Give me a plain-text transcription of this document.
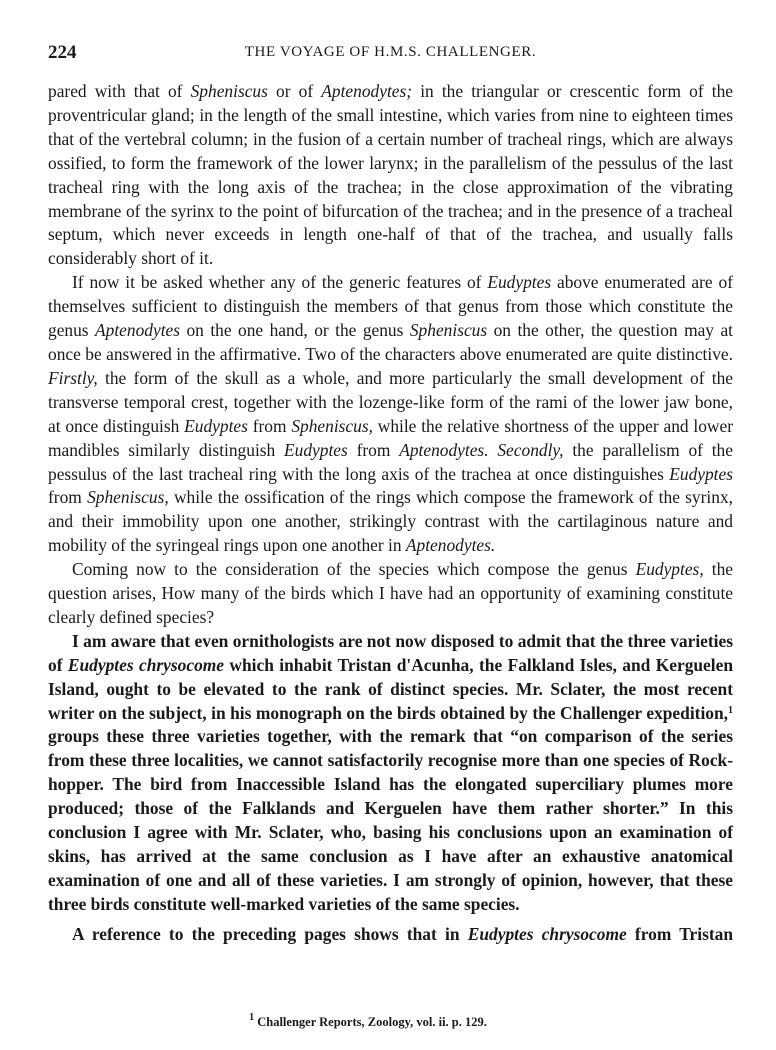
224	THE VOYAGE OF H.M.S. CHALLENGER.

pared with that of Spheniscus or of Aptenodytes; in the triangular or crescentic form of the proventricular gland; in the length of the small intestine, which varies from nine to eighteen times that of the vertebral column; in the fusion of a certain number of tracheal rings, which are always ossified, to form the framework of the lower larynx; in the parallelism of the pessulus of the last tracheal ring with the long axis of the trachea; in the close approximation of the vibrating membrane of the syrinx to the point of bifurcation of the trachea; and in the presence of a tracheal septum, which never exceeds in length one-half of that of the trachea, and usually falls considerably short of it.

If now it be asked whether any of the generic features of Eudyptes above enumerated are of themselves sufficient to distinguish the members of that genus from those which constitute the genus Aptenodytes on the one hand, or the genus Spheniscus on the other, the question may at once be answered in the affirmative. Two of the characters above enumerated are quite distinctive. Firstly, the form of the skull as a whole, and more particularly the small development of the transverse temporal crest, together with the lozenge-like form of the rami of the lower jaw bone, at once distinguish Eudyptes from Spheniscus, while the relative shortness of the upper and lower mandibles similarly distinguish Eudyptes from Aptenodytes. Secondly, the parallelism of the pessulus of the last tracheal ring with the long axis of the trachea at once distinguishes Eudyptes from Spheniscus, while the ossification of the rings which compose the framework of the syrinx, and their immobility upon one another, strikingly contrast with the cartilaginous nature and mobility of the syringeal rings upon one another in Aptenodytes.

Coming now to the consideration of the species which compose the genus Eudyptes, the question arises, How many of the birds which I have had an opportunity of examining constitute clearly defined species?

I am aware that even ornithologists are not now disposed to admit that the three varieties of Eudyptes chrysocome which inhabit Tristan d'Acunha, the Falkland Isles, and Kerguelen Island, ought to be elevated to the rank of distinct species. Mr. Sclater, the most recent writer on the subject, in his monograph on the birds obtained by the Challenger expedition,$^1$ groups these three varieties together, with the remark that “on comparison of the series from these three localities, we cannot satisfactorily recognise more than one species of Rock-hopper. The bird from Inaccessible Island has the elongated superciliary plumes more produced; those of the Falklands and Kerguelen have them rather shorter.” In this conclusion I agree with Mr. Sclater, who, basing his conclusions upon an examination of skins, has arrived at the same conclusion as I have after an exhaustive anatomical examination of one and all of these varieties. I am strongly of opinion, however, that these three birds constitute well-marked varieties of the same species.

A reference to the preceding pages shows that in Eudyptes chrysocome from Tristan

$^1$ Challenger Reports, Zoology, vol. ii. p. 129.
